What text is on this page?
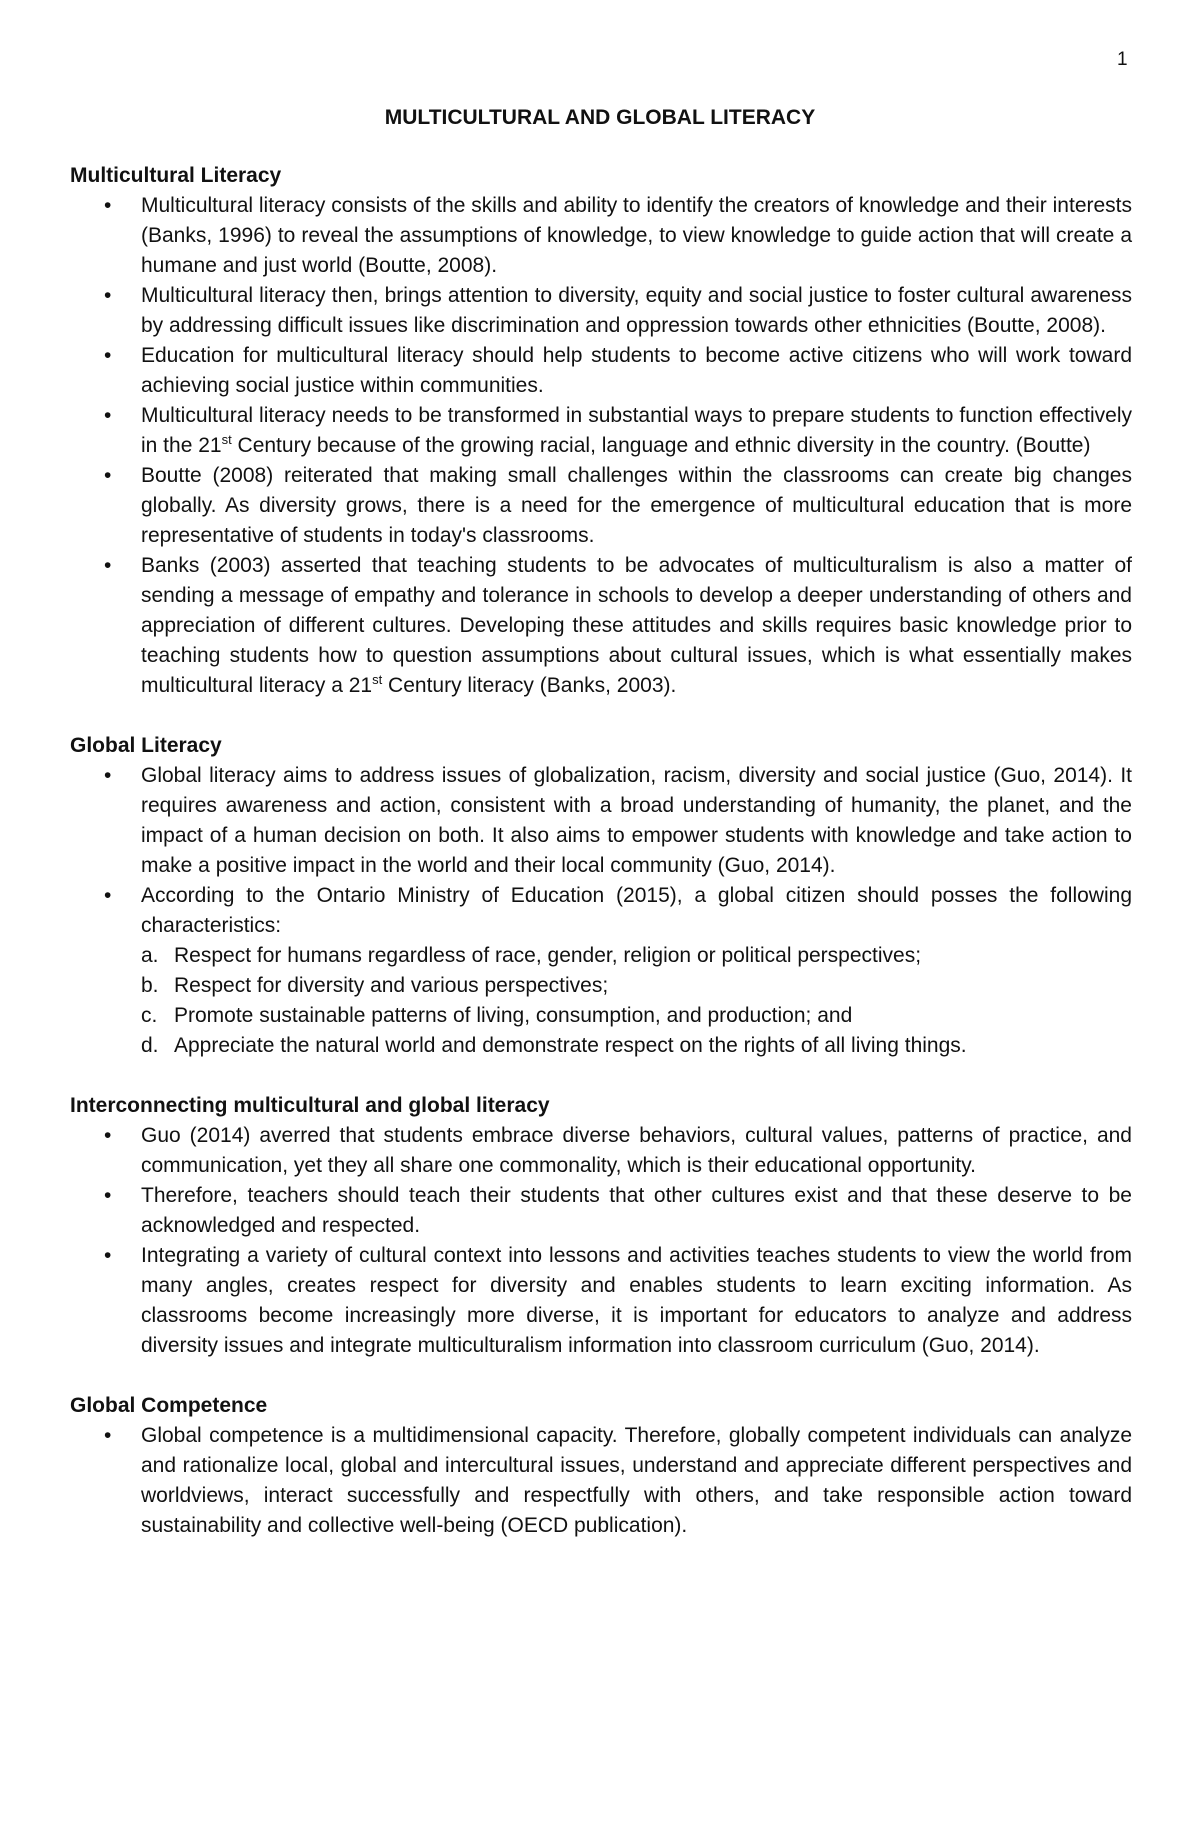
1
MULTICULTURAL AND GLOBAL LITERACY

Multicultural Literacy

• Multicultural literacy consists of the skills and ability to identify the creators of knowledge and their interests (Banks, 1996) to reveal the assumptions of knowledge, to view knowledge to guide action that will create a humane and just world (Boutte, 2008).
• Multicultural literacy then, brings attention to diversity, equity and social justice to foster cultural awareness by addressing difficult issues like discrimination and oppression towards other ethnicities (Boutte, 2008).
• Education for multicultural literacy should help students to become active citizens who will work toward achieving social justice within communities.
• Multicultural literacy needs to be transformed in substantial ways to prepare students to function effectively in the 21st Century because of the growing racial, language and ethnic diversity in the country. (Boutte)
• Boutte (2008) reiterated that making small challenges within the classrooms can create big changes globally. As diversity grows, there is a need for the emergence of multicultural education that is more representative of students in today's classrooms.
• Banks (2003) asserted that teaching students to be advocates of multiculturalism is also a matter of sending a message of empathy and tolerance in schools to develop a deeper understanding of others and appreciation of different cultures. Developing these attitudes and skills requires basic knowledge prior to teaching students how to question assumptions about cultural issues, which is what essentially makes multicultural literacy a 21st Century literacy (Banks, 2003).

Global Literacy

• Global literacy aims to address issues of globalization, racism, diversity and social justice (Guo, 2014). It requires awareness and action, consistent with a broad understanding of humanity, the planet, and the impact of a human decision on both. It also aims to empower students with knowledge and take action to make a positive impact in the world and their local community (Guo, 2014).
• According to the Ontario Ministry of Education (2015), a global citizen should posses the following characteristics:
a. Respect for humans regardless of race, gender, religion or political perspectives;
b. Respect for diversity and various perspectives;
c. Promote sustainable patterns of living, consumption, and production; and
d. Appreciate the natural world and demonstrate respect on the rights of all living things.

Interconnecting multicultural and global literacy

• Guo (2014) averred that students embrace diverse behaviors, cultural values, patterns of practice, and communication, yet they all share one commonality, which is their educational opportunity.
• Therefore, teachers should teach their students that other cultures exist and that these deserve to be acknowledged and respected.
• Integrating a variety of cultural context into lessons and activities teaches students to view the world from many angles, creates respect for diversity and enables students to learn exciting information. As classrooms become increasingly more diverse, it is important for educators to analyze and address diversity issues and integrate multiculturalism information into classroom curriculum (Guo, 2014).

Global Competence

• Global competence is a multidimensional capacity. Therefore, globally competent individuals can analyze and rationalize local, global and intercultural issues, understand and appreciate different perspectives and worldviews, interact successfully and respectfully with others, and take responsible action toward sustainability and collective well-being (OECD publication).
